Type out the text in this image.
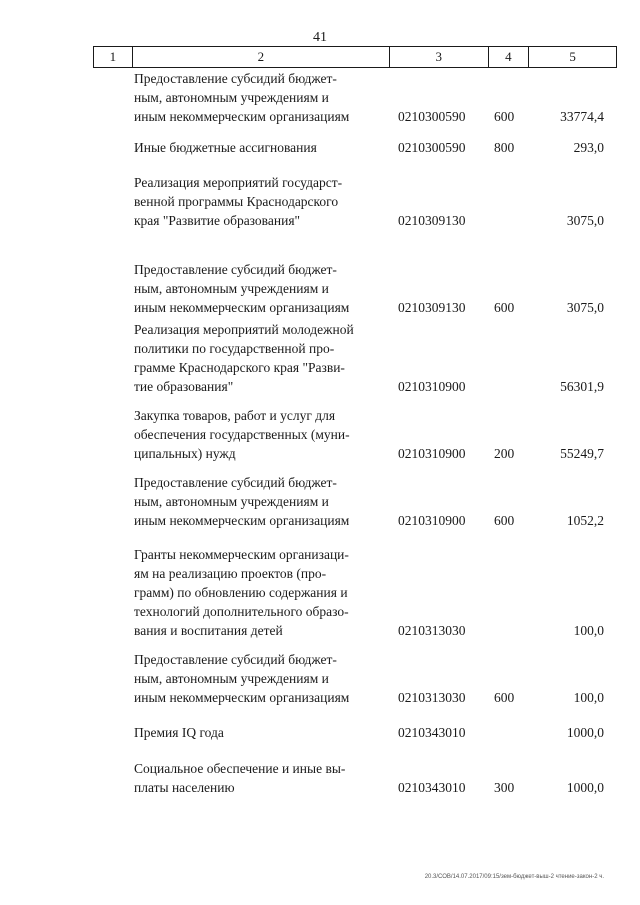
41
1	2	3	4	5
Предоставление субсидий бюджет-
ным, автономным учреждениям и
иным некоммерческим организациям	0210300590 600	33774,4
Иные бюджетные ассигнования	0210300590 800	293,0
Реализация мероприятий государст-
венной программы Краснодарского
края "Развитие образования"	0210309130	3075,0
Предоставление субсидий бюджет-
ным, автономным учреждениям и
иным некоммерческим организациям	0210309130 600	3075,0
Реализация мероприятий молодежной
политики по государственной про-
грамме Краснодарского края "Разви-
тие образования"	0210310900	56301,9
Закупка товаров, работ и услуг для
обеспечения государственных (муни-
ципальных) нужд	0210310900 200	55249,7
Предоставление субсидий бюджет-
ным, автономным учреждениям и
иным некоммерческим организациям	0210310900 600	1052,2
Гранты некоммерческим организаци-
ям на реализацию проектов (про-
грамм) по обновлению содержания и
технологий дополнительного образо-
вания и воспитания детей	0210313030	100,0
Предоставление субсидий бюджет-
ным, автономным учреждениям и
иным некоммерческим организациям	0210313030 600	100,0
Премия IQ года	0210343010	1000,0
Социальное обеспечение и иные вы-
платы населению	0210343010 300	1000,0
20.3/СОВ/14.07.2017/09:15/зем-бюджет-выш-2 чтение-закон-2 ч.
